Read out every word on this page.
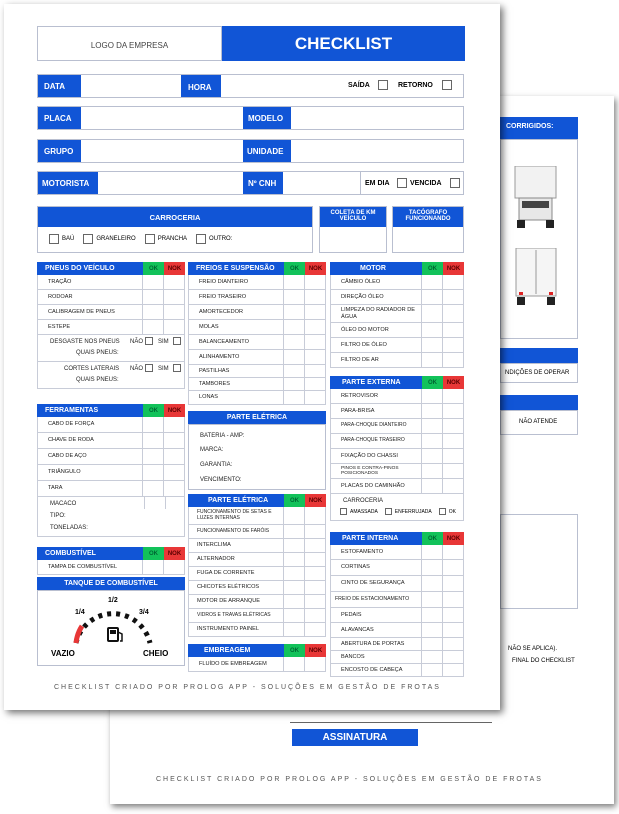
CORRIGIDOS:
NDIÇÕES DE OPERAR
NÃO ATENDE
NÃO SE APLICA).
FINAL DO CHECKLIST
ASSINATURA
CHECKLIST CRIADO POR PROLOG APP - SOLUÇÕES EM GESTÃO DE FROTAS
LOGO DA EMPRESA	CHECKLIST
DATA	HORA	SAÍDA	RETORNO
PLACA	MODELO
GRUPO	UNIDADE
MOTORISTA	Nº CNH	EM DIA	VENCIDA
CARROCERIA
BAÚ	GRANELEIRO	PRANCHA	OUTRO:
COLETA DE KM VEÍCULO
TACÓGRAFO FUNCIONANDO
PNEUS DO VEÍCULO	OK	NOK
TRAÇÃO
RODOAR
CALIBRAGEM DE PNEUS
ESTEPE
DESGASTE NOS PNEUS NÃO SIM
QUAIS PNEUS:
CORTES LATERAIS NÃO SIM
QUAIS PNEUS:
FERRAMENTAS	OK	NOK
CABO DE FORÇA
CHAVE DE RODA
CABO DE AÇO
TRIÂNGULO
TARA
MACACO
TIPO:
TONELADAS:
COMBUSTÍVEL	OK	NOK
TAMPA DE COMBUSTÍVEL
TANQUE DE COMBUSTÍVEL
1/4
1/2
3/4
VAZIO	CHEIO
FREIOS E SUSPENSÃO	OK	NOK
FREIO DIANTEIRO
FREIO TRASEIRO
AMORTECEDOR
MOLAS
BALANCEAMENTO
ALINHAMENTO
PASTILHAS
TAMBORES
LONAS
PARTE ELÉTRICA
BATERIA - AMP:
MARCA:
GARANTIA:
VENCIMENTO:
PARTE ELÉTRICA	OK	NOK
FUNCIONAMENTO DE SETAS E LUZES INTERNAS
FUNCIONAMENTO DE FARÓIS
INTERCLIMA
ALTERNADOR
FUGA DE CORRENTE
CHICOTES ELÉTRICOS
MOTOR DE ARRANQUE
VIDROS E TRAVAS ELÉTRICAS
INSTRUMENTO PAINEL
EMBREAGEM	OK	NOK
FLUÍDO DE EMBREAGEM
MOTOR	OK	NOK
CÂMBIO ÓLEO
DIREÇÃO ÓLEO
LIMPEZA DO RADIADOR DE ÁGUA
ÓLEO DO MOTOR
FILTRO DE ÓLEO
FILTRO DE AR
PARTE EXTERNA	OK	NOK
RETROVISOR
PARA-BRISA
PARA-CHOQUE DIANTEIRO
PARA-CHOQUE TRASEIRO
FIXAÇÃO DO CHASSI
PINOS E CONTRA-PINOS POSICIONADOS
PLACAS DO CAMINHÃO
CARROCERIA
AMASSADA	ENFERRUJADA	OK
PARTE INTERNA	OK	NOK
ESTOFAMENTO
CORTINAS
CINTO DE SEGURANÇA
FREIO DE ESTACIONAMENTO
PEDAIS
ALAVANCAS
ABERTURA DE PORTAS
BANCOS
ENCOSTO DE CABEÇA
CHECKLIST CRIADO POR PROLOG APP - SOLUÇÕES EM GESTÃO DE FROTAS
